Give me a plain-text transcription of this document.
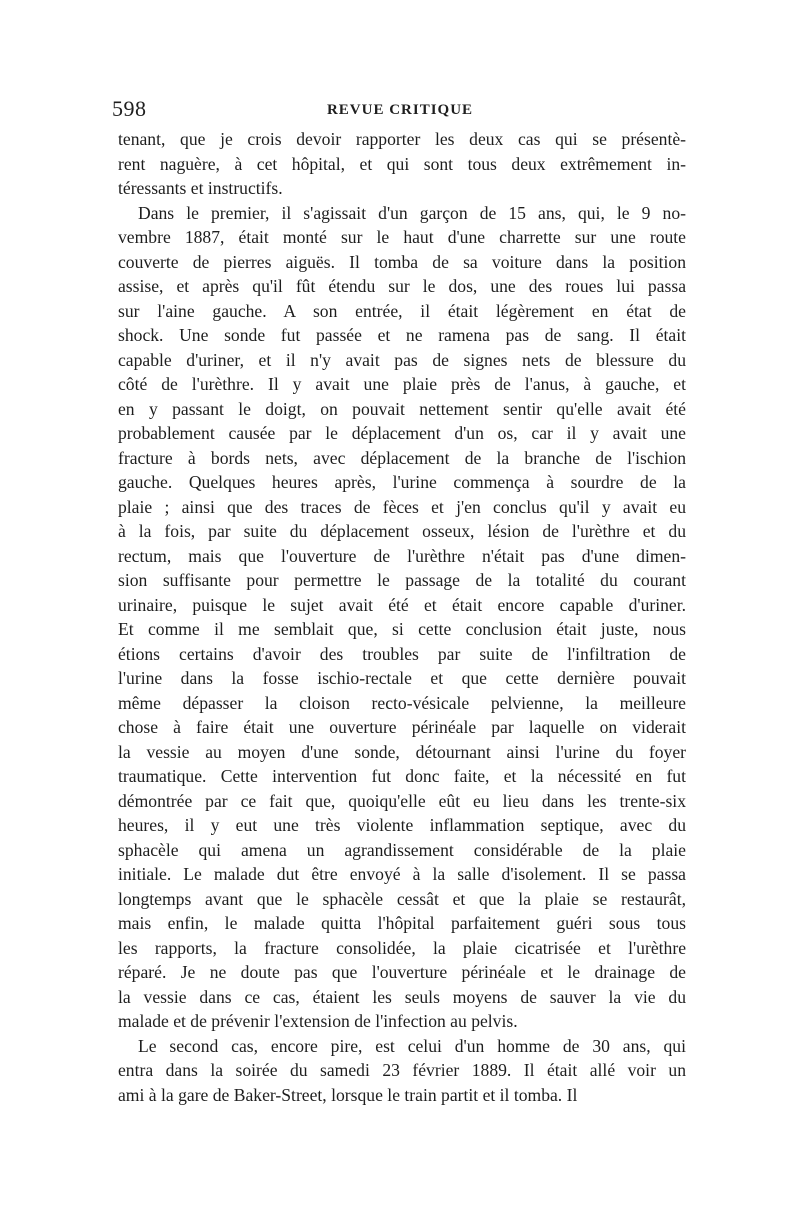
598	REVUE CRITIQUE
tenant, que je crois devoir rapporter les deux cas qui se présentè-
rent naguère, à cet hôpital, et qui sont tous deux extrêmement in-
téressants et instructifs.
Dans le premier, il s'agissait d'un garçon de 15 ans, qui, le 9 no-
vembre 1887, était monté sur le haut d'une charrette sur une route
couverte de pierres aiguës. Il tomba de sa voiture dans la position
assise, et après qu'il fût étendu sur le dos, une des roues lui passa
sur l'aine gauche. A son entrée, il était légèrement en état de
shock. Une sonde fut passée et ne ramena pas de sang. Il était
capable d'uriner, et il n'y avait pas de signes nets de blessure du
côté de l'urèthre. Il y avait une plaie près de l'anus, à gauche, et
en y passant le doigt, on pouvait nettement sentir qu'elle avait été
probablement causée par le déplacement d'un os, car il y avait une
fracture à bords nets, avec déplacement de la branche de l'ischion
gauche. Quelques heures après, l'urine commença à sourdre de la
plaie ; ainsi que des traces de fèces et j'en conclus qu'il y avait eu
à la fois, par suite du déplacement osseux, lésion de l'urèthre et du
rectum, mais que l'ouverture de l'urèthre n'était pas d'une dimen-
sion suffisante pour permettre le passage de la totalité du courant
urinaire, puisque le sujet avait été et était encore capable d'uriner.
Et comme il me semblait que, si cette conclusion était juste, nous
étions certains d'avoir des troubles par suite de l'infiltration de
l'urine dans la fosse ischio-rectale et que cette dernière pouvait
même dépasser la cloison recto-vésicale pelvienne, la meilleure
chose à faire était une ouverture périnéale par laquelle on viderait
la vessie au moyen d'une sonde, détournant ainsi l'urine du foyer
traumatique. Cette intervention fut donc faite, et la nécessité en fut
démontrée par ce fait que, quoiqu'elle eût eu lieu dans les trente-six
heures, il y eut une très violente inflammation septique, avec du
sphacèle qui amena un agrandissement considérable de la plaie
initiale. Le malade dut être envoyé à la salle d'isolement. Il se passa
longtemps avant que le sphacèle cessât et que la plaie se restaurât,
mais enfin, le malade quitta l'hôpital parfaitement guéri sous tous
les rapports, la fracture consolidée, la plaie cicatrisée et l'urèthre
réparé. Je ne doute pas que l'ouverture périnéale et le drainage de
la vessie dans ce cas, étaient les seuls moyens de sauver la vie du
malade et de prévenir l'extension de l'infection au pelvis.
Le second cas, encore pire, est celui d'un homme de 30 ans, qui
entra dans la soirée du samedi 23 février 1889. Il était allé voir un
ami à la gare de Baker-Street, lorsque le train partit et il tomba. Il
